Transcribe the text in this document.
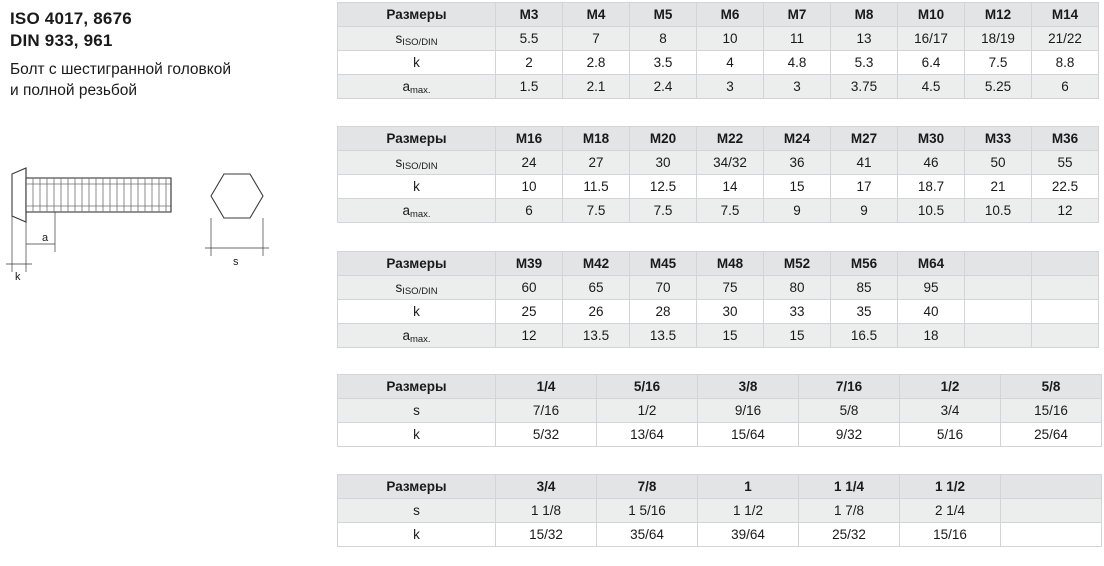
ISO 4017, 8676
DIN 933, 961
Болт с шестигранной головкой
и полной резьбой
a
k
s
Размеры	M3	M4	M5	M6	M7	M8	M10	M12	M14
sISO/DIN	5.5	7	8	10	11	13	16/17	18/19	21/22
k	2	2.8	3.5	4	4.8	5.3	6.4	7.5	8.8
amax.	1.5	2.1	2.4	3	3	3.75	4.5	5.25	6
Размеры	M16	M18	M20	M22	M24	M27	M30	M33	M36
sISO/DIN	24	27	30	34/32	36	41	46	50	55
k	10	11.5	12.5	14	15	17	18.7	21	22.5
amax.	6	7.5	7.5	7.5	9	9	10.5	10.5	12
Размеры	M39	M42	M45	M48	M52	M56	M64		
sISO/DIN	60	65	70	75	80	85	95		
k	25	26	28	30	33	35	40		
amax.	12	13.5	13.5	15	15	16.5	18		
Размеры	1/4	5/16	3/8	7/16	1/2	5/8
s	7/16	1/2	9/16	5/8	3/4	15/16
k	5/32	13/64	15/64	9/32	5/16	25/64
Размеры	3/4	7/8	1	1 1/4	1 1/2	
s	1 1/8	1 5/16	1 1/2	1 7/8	2 1/4	
k	15/32	35/64	39/64	25/32	15/16	
